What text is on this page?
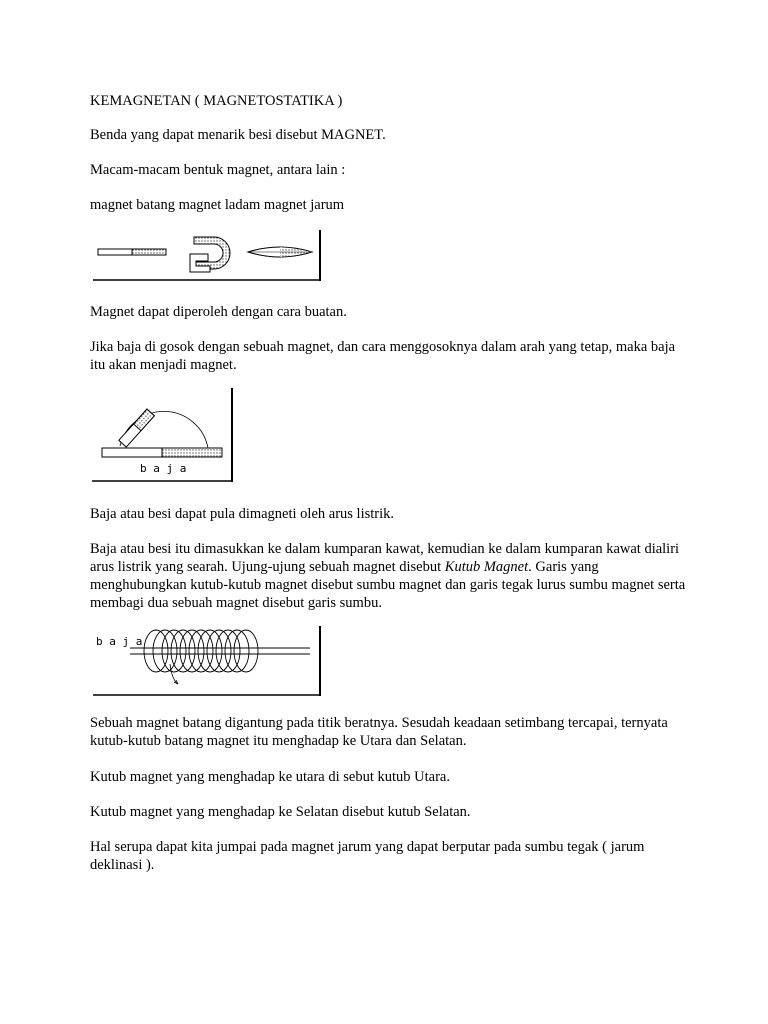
KEMAGNETAN ( MAGNETOSTATIKA )

Benda yang dapat menarik besi disebut MAGNET.

Macam-macam bentuk magnet, antara lain :

magnet batang magnet ladam magnet jarum

Magnet dapat diperoleh dengan cara buatan.

Jika baja di gosok dengan sebuah magnet, dan cara menggosoknya dalam arah yang tetap, maka baja itu akan menjadi magnet.

b a j a

Baja atau besi dapat pula dimagneti oleh arus listrik.

Baja atau besi itu dimasukkan ke dalam kumparan kawat, kemudian ke dalam kumparan kawat dialiri arus listrik yang searah. Ujung-ujung sebuah magnet disebut Kutub Magnet. Garis yang menghubungkan kutub-kutub magnet disebut sumbu magnet dan garis tegak lurus sumbu magnet serta membagi dua sebuah magnet disebut garis sumbu.

b a j a

Sebuah magnet batang digantung pada titik beratnya. Sesudah keadaan setimbang tercapai, ternyata kutub-kutub batang magnet itu menghadap ke Utara dan Selatan.

Kutub magnet yang menghadap ke utara di sebut kutub Utara.

Kutub magnet yang menghadap ke Selatan disebut kutub Selatan.

Hal serupa dapat kita jumpai pada magnet jarum yang dapat berputar pada sumbu tegak ( jarum deklinasi ).
